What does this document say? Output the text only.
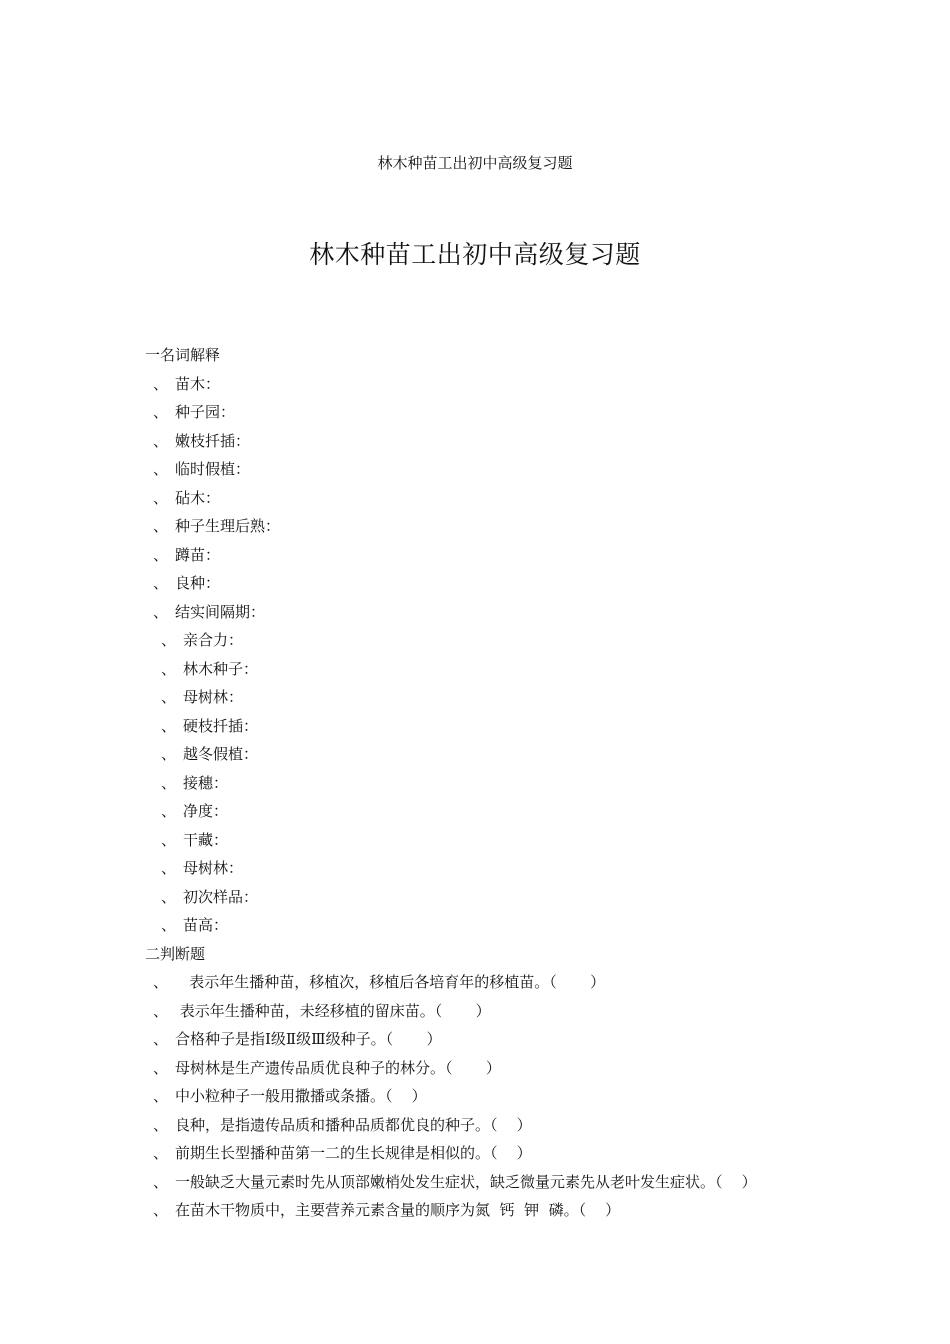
林木种苗工出初中高级复习题
林木种苗工出初中高级复习题
一名词解释
、 苗木：
、 种子园：
、 嫩枝扦插：
、 临时假植：
、 砧木：
、 种子生理后熟：
、 蹲苗：
、 良种：
、 结实间隔期：
、 亲合力：
、 林木种子：
、 母树林：
、 硬枝扦插：
、 越冬假植：
、 接穗：
、 净度：
、 干藏：
、 母树林：
、 初次样品：
、 苗高：
二判断题
、   表示年生播种苗，移植次，移植后各培育年的移植苗。（       ）
、 表示年生播种苗，未经移植的留床苗。（       ）
、 合格种子是指Ⅰ级Ⅱ级Ⅲ级种子。（       ）
、 母树林是生产遗传品质优良种子的林分。（       ）
、 中小粒种子一般用撒播或条播。（    ）
、 良种，是指遗传品质和播种品质都优良的种子。（    ）
、 前期生长型播种苗第一二的生长规律是相似的。（    ）
、 一般缺乏大量元素时先从顶部嫩梢处发生症状，缺乏微量元素先从老叶发生症状。（    ）
、 在苗木干物质中，主要营养元素含量的顺序为氮  钙  钾  磷。（    ）
